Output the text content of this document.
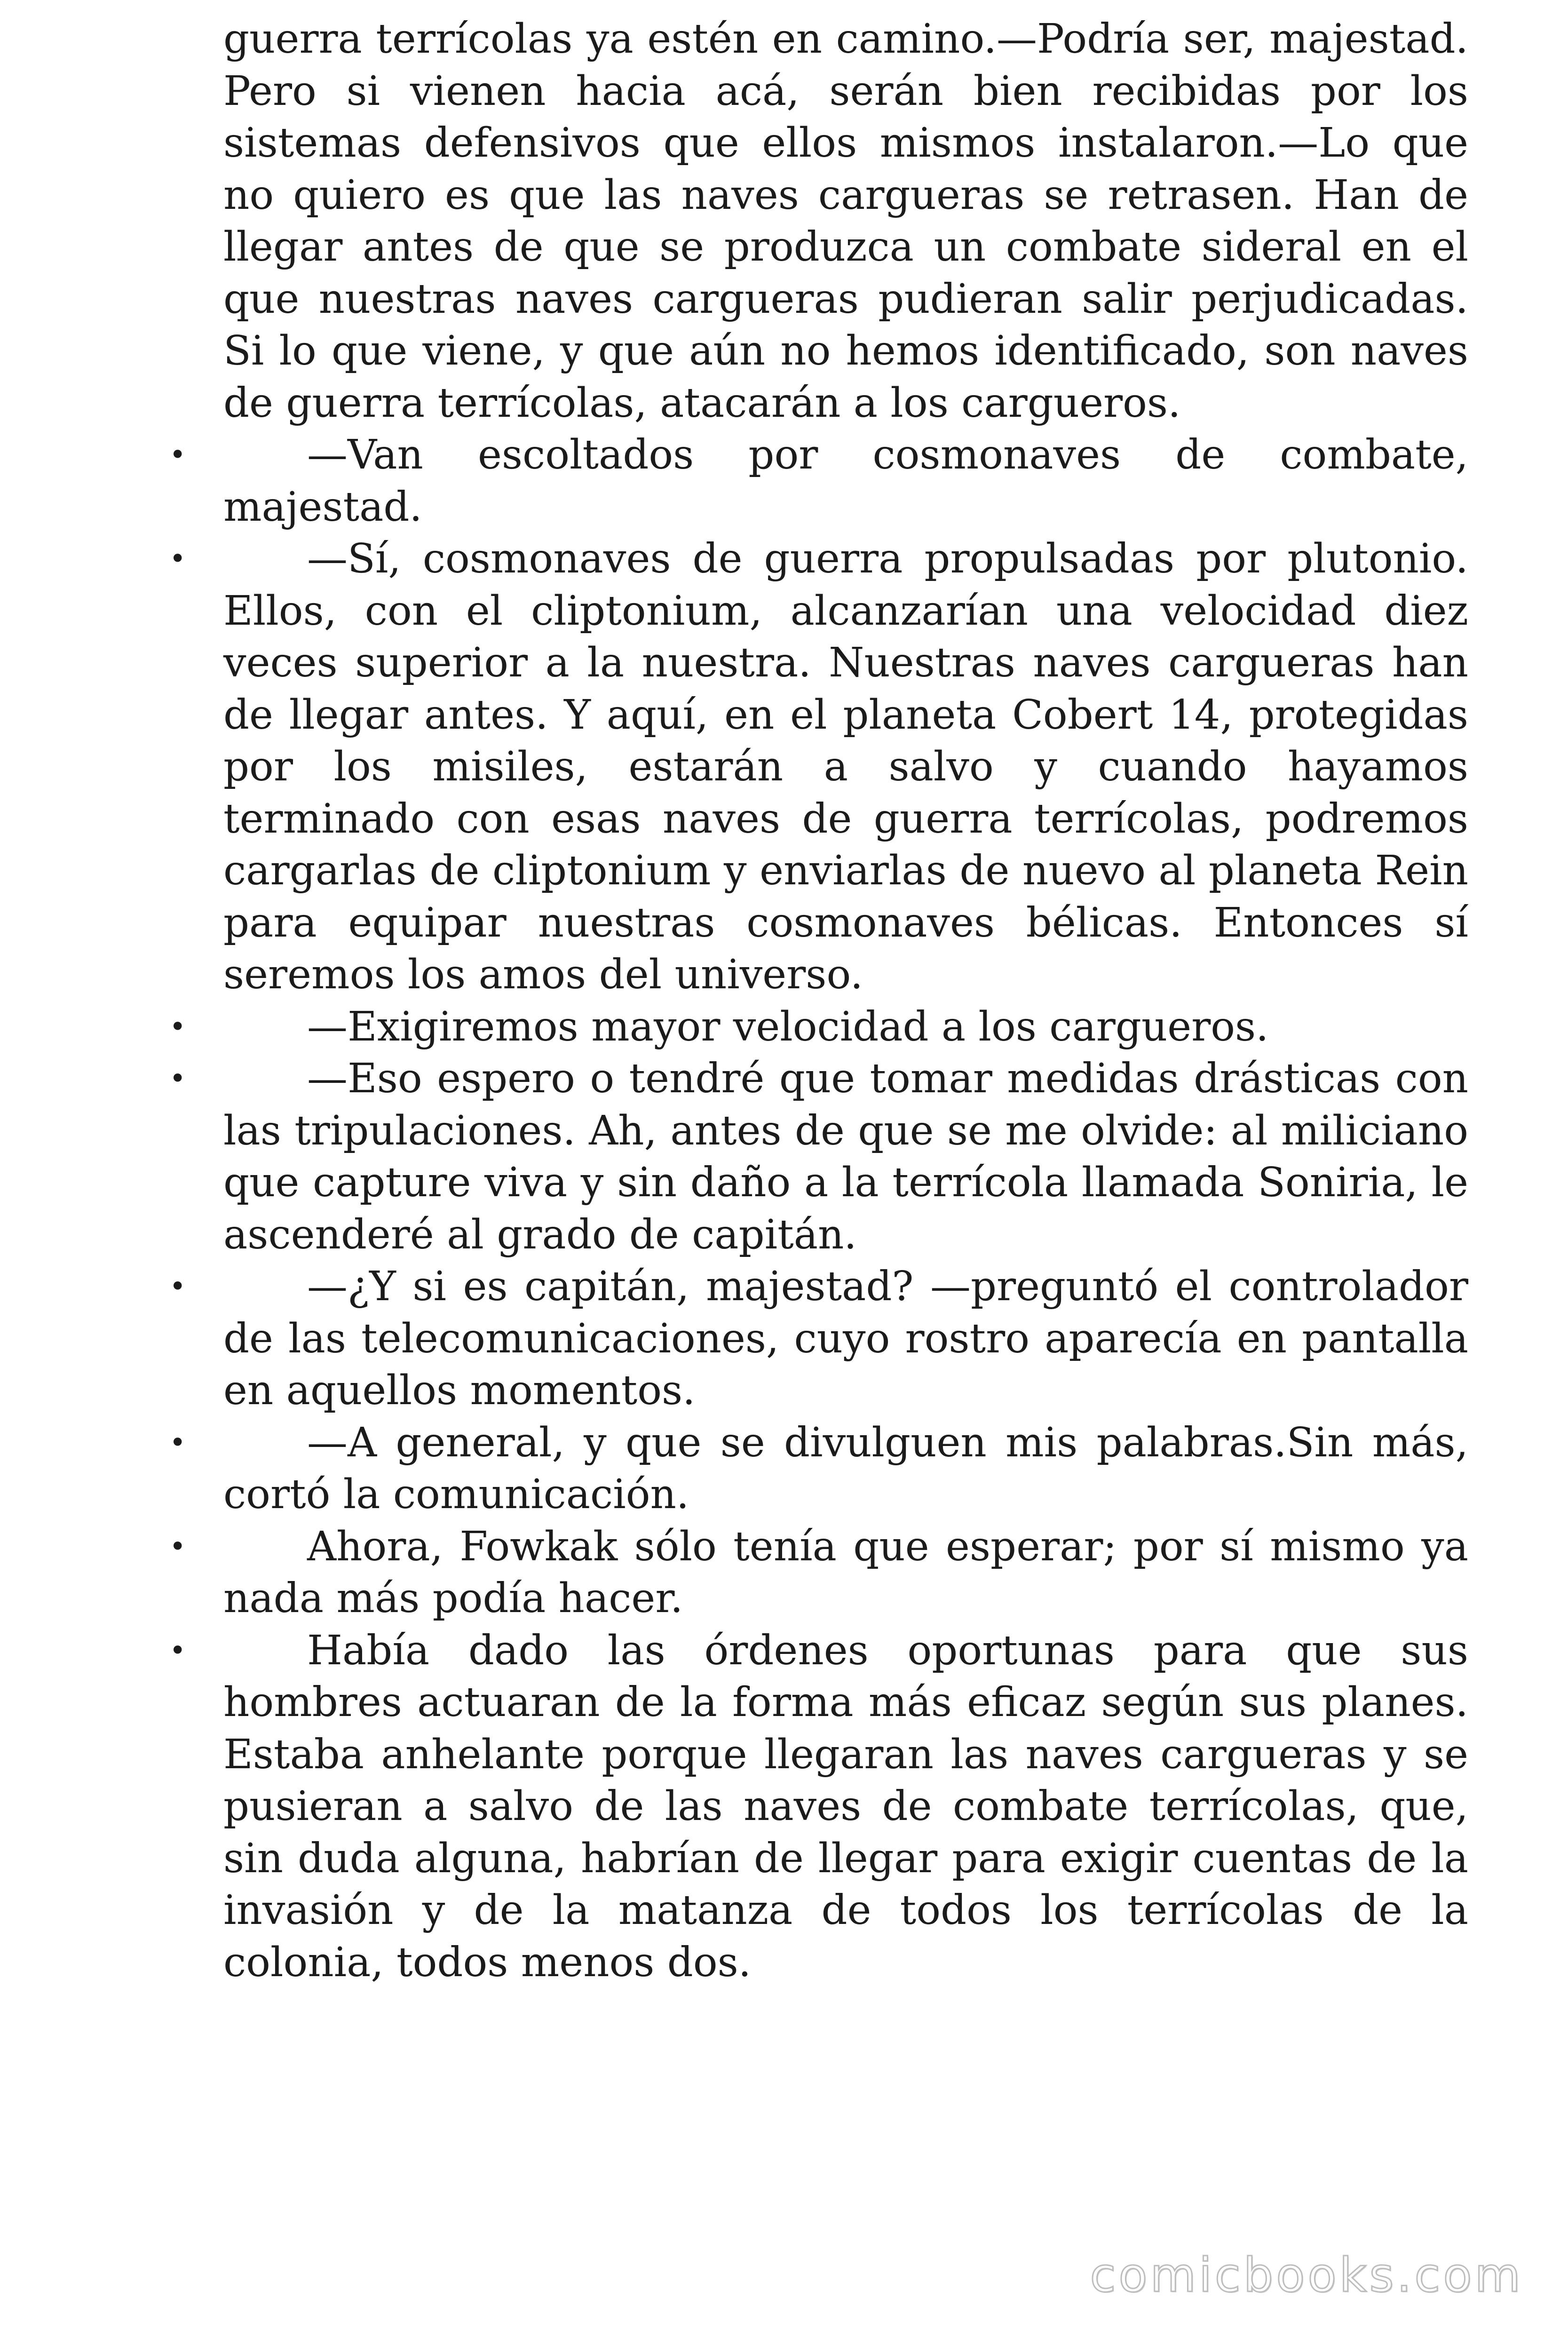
guerra terrícolas ya estén en camino.—Podría ser, majestad. Pero si vienen hacia acá, serán bien recibidas por los sistemas defensivos que ellos mismos instalaron.—Lo que no quiero es que las naves cargueras se retrasen. Han de llegar antes de que se produzca un combate sideral en el que nuestras naves cargueras pudieran salir perjudicadas. Si lo que viene, y que aún no hemos identificado, son naves de guerra terrícolas, atacarán a los cargueros.

•	—Van escoltados por cosmonaves de combate, majestad.

•	—Sí, cosmonaves de guerra propulsadas por plutonio. Ellos, con el cliptonium, alcanzarían una velocidad diez veces superior a la nuestra. Nuestras naves cargueras han de llegar antes. Y aquí, en el planeta Cobert 14, protegidas por los misiles, estarán a salvo y cuando hayamos terminado con esas naves de guerra terrícolas, podremos cargarlas de cliptonium y enviarlas de nuevo al planeta Rein para equipar nuestras cosmonaves bélicas. Entonces sí seremos los amos del universo.

•	—Exigiremos mayor velocidad a los cargueros.

•	—Eso espero o tendré que tomar medidas drásticas con las tripulaciones. Ah, antes de que se me olvide: al miliciano que capture viva y sin daño a la terrícola llamada Soniria, le ascenderé al grado de capitán.

•	—¿Y si es capitán, majestad? —preguntó el controlador de las telecomunicaciones, cuyo rostro aparecía en pantalla en aquellos momentos.

•	—A general, y que se divulguen mis palabras.Sin más, cortó la comunicación.

•	Ahora, Fowkak sólo tenía que esperar; por sí mismo ya nada más podía hacer.

•	Había dado las órdenes oportunas para que sus hombres actuaran de la forma más eficaz según sus planes. Estaba anhelante porque llegaran las naves cargueras y se pusieran a salvo de las naves de combate terrícolas, que, sin duda alguna, habrían de llegar para exigir cuentas de la invasión y de la matanza de todos los terrícolas de la colonia, todos menos dos.

comicbooks.com
